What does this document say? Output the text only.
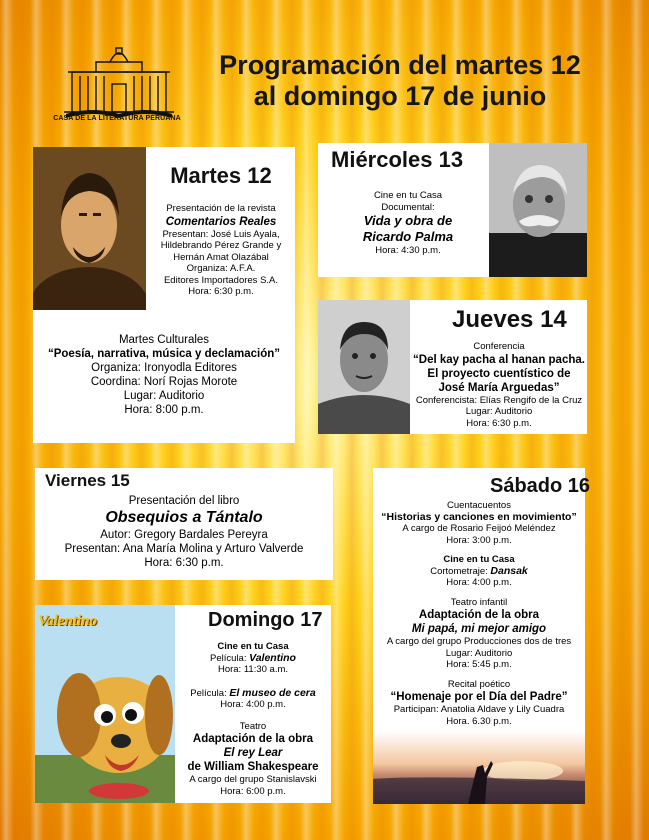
CASA DE LA LITERATURA PERUANA
Programación del martes 12
al domingo 17 de junio
Martes 12
Presentación de la revista
Comentarios Reales
Presentan: José Luis Ayala,
Hildebrando Pérez Grande y
Hernán Amat Olazábal
Organiza: A.F.A.
Editores Importadores S.A.
Hora: 6:30 p.m.
Martes Culturales
“Poesía, narrativa, música y declamación”
Organiza: Ironyodla Editores
Coordina: Norí Rojas Morote
Lugar: Auditorio
Hora: 8:00 p.m.
Miércoles 13
Cine en tu Casa
Documental:
Vida y obra de
Ricardo Palma
Hora: 4:30 p.m.
Jueves 14
Conferencia
“Del kay pacha al hanan pacha.
El proyecto cuentístico de
José María Arguedas”
Conferencista: Elías Rengifo de la Cruz
Lugar: Auditorio
Hora: 6:30 p.m.
Viernes 15
Presentación del libro
Obsequios a Tántalo
Autor: Gregory Bardales Pereyra
Presentan: Ana María Molina y Arturo Valverde
Hora: 6:30 p.m.
Sábado 16
Cuentacuentos
“Historias y canciones en movimiento”
A cargo de Rosario Feijoó Meléndez
Hora: 3:00 p.m.
Cine en tu Casa
Cortometraje: Dansak
Hora: 4:00 p.m.
Teatro infantil
Adaptación de la obra
Mi papá, mi mejor amigo
A cargo del grupo Producciones dos de tres
Lugar: Auditorio
Hora: 5:45 p.m.
Recital poético
“Homenaje por el Día del Padre”
Participan: Anatolia Aldave y Lily Cuadra
Hora. 6.30 p.m.
Valentino	Domingo 17
Cine en tu Casa
Película: Valentino
Hora: 11:30 a.m.
Película: El museo de cera
Hora: 4:00 p.m.
Teatro
Adaptación de la obra
El rey Lear
de William Shakespeare
A cargo del grupo Stanislavski
Hora: 6:00 p.m.
